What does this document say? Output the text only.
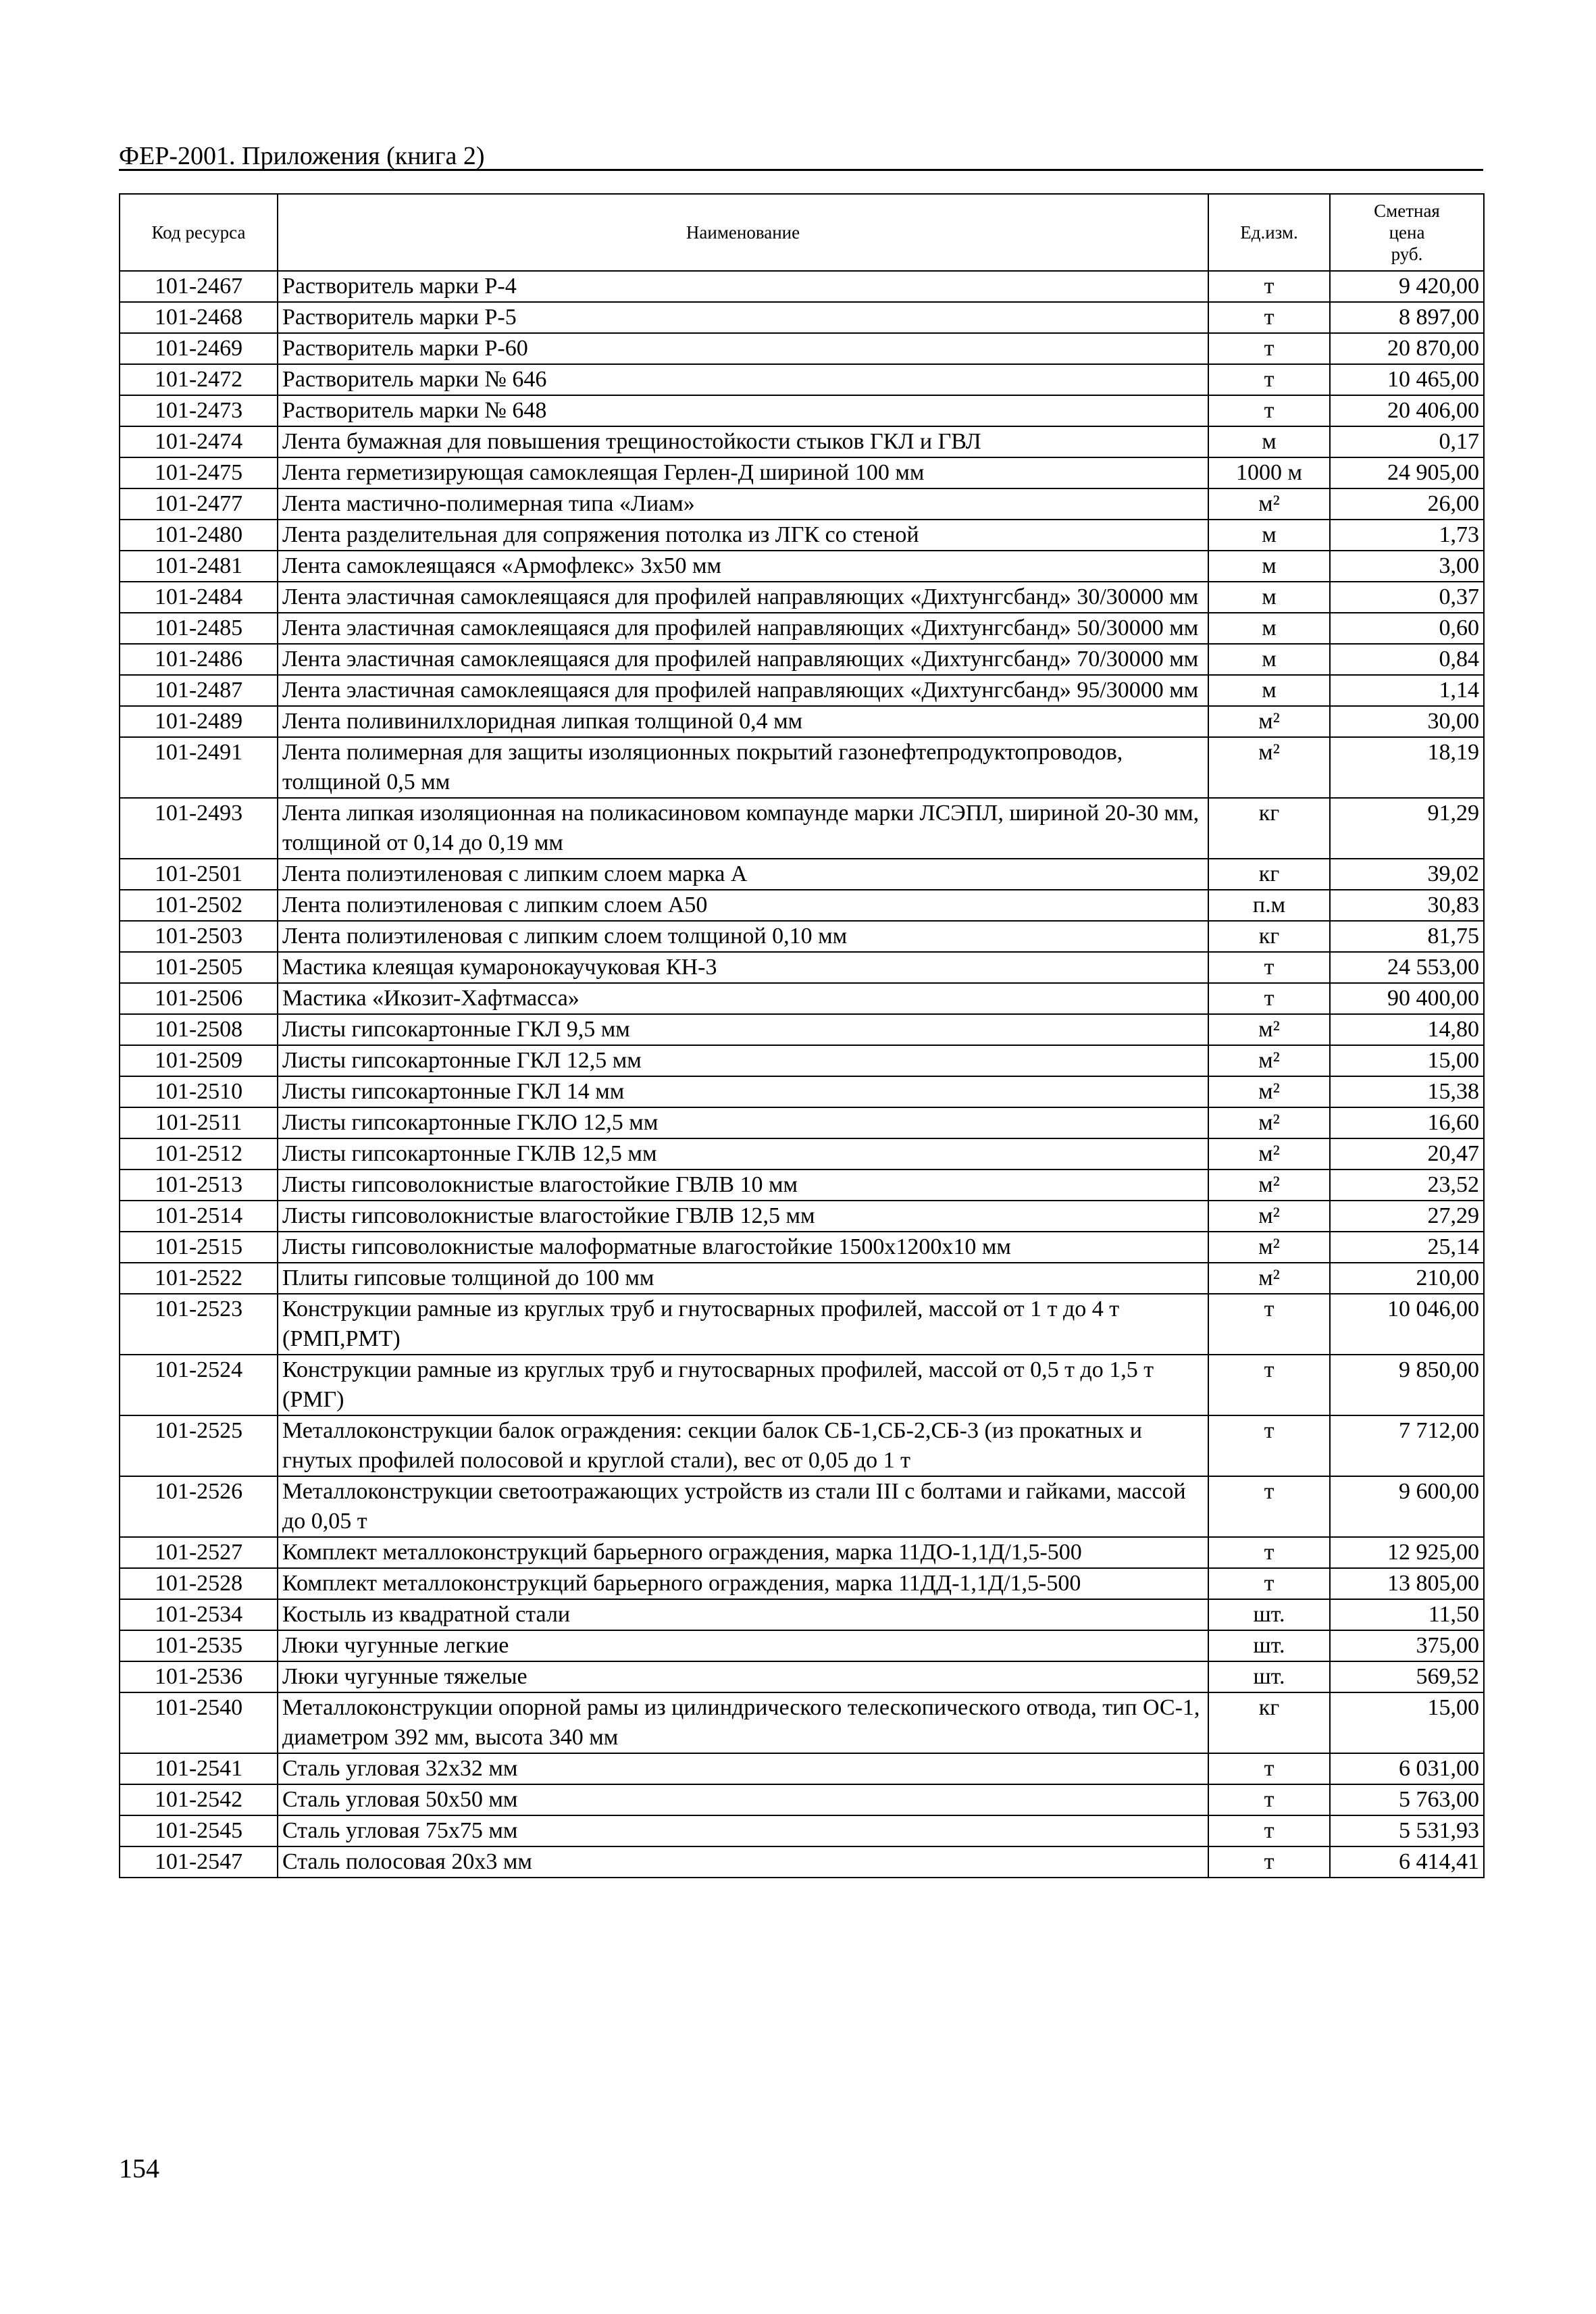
ФЕР-2001. Приложения (книга 2)
Код ресурса	Наименование	Ед.изм.	Сметная
цена
руб.

101-2467	Растворитель марки Р-4	т	9 420,00
101-2468	Растворитель марки Р-5	т	8 897,00
101-2469	Растворитель марки Р-60	т	20 870,00
101-2472	Растворитель марки № 646	т	10 465,00
101-2473	Растворитель марки № 648	т	20 406,00
101-2474	Лента бумажная для повышения трещиностойкости стыков ГКЛ и ГВЛ	м	0,17
101-2475	Лента герметизирующая самоклеящая Герлен-Д шириной 100 мм	1000 м	24 905,00
101-2477	Лента мастично-полимерная типа «Лиам»	м²	26,00
101-2480	Лента разделительная для сопряжения потолка из ЛГК со стеной	м	1,73
101-2481	Лента самоклеящаяся «Армофлекс» 3х50 мм	м	3,00
101-2484	Лента эластичная самоклеящаяся для профилей направляющих «Дихтунгсбанд» 30/30000 мм	м	0,37
101-2485	Лента эластичная самоклеящаяся для профилей направляющих «Дихтунгсбанд» 50/30000 мм	м	0,60
101-2486	Лента эластичная самоклеящаяся для профилей направляющих «Дихтунгсбанд» 70/30000 мм	м	0,84
101-2487	Лента эластичная самоклеящаяся для профилей направляющих «Дихтунгсбанд» 95/30000 мм	м	1,14
101-2489	Лента поливинилхлоридная липкая толщиной 0,4 мм	м²	30,00
101-2491	Лента полимерная для защиты изоляционных покрытий газонефтепродуктопроводов, толщиной 0,5 мм	м²	18,19
101-2493	Лента липкая изоляционная на поликасиновом компаунде марки ЛСЭПЛ, шириной 20-30 мм, толщиной от 0,14 до 0,19 мм	кг	91,29
101-2501	Лента полиэтиленовая с липким слоем марка А	кг	39,02
101-2502	Лента полиэтиленовая с липким слоем А50	п.м	30,83
101-2503	Лента полиэтиленовая с липким слоем толщиной 0,10 мм	кг	81,75
101-2505	Мастика клеящая кумаронокаучуковая КН-3	т	24 553,00
101-2506	Мастика «Икозит-Хафтмасса»	т	90 400,00
101-2508	Листы гипсокартонные ГКЛ 9,5 мм	м²	14,80
101-2509	Листы гипсокартонные ГКЛ 12,5 мм	м²	15,00
101-2510	Листы гипсокартонные ГКЛ 14 мм	м²	15,38
101-2511	Листы гипсокартонные ГКЛО 12,5 мм	м²	16,60
101-2512	Листы гипсокартонные ГКЛВ 12,5 мм	м²	20,47
101-2513	Листы гипсоволокнистые влагостойкие ГВЛВ 10 мм	м²	23,52
101-2514	Листы гипсоволокнистые влагостойкие ГВЛВ 12,5 мм	м²	27,29
101-2515	Листы гипсоволокнистые малоформатные влагостойкие 1500х1200х10 мм	м²	25,14
101-2522	Плиты гипсовые толщиной до 100 мм	м²	210,00
101-2523	Конструкции рамные из круглых труб и гнутосварных профилей, массой от 1 т до 4 т (РМП,РМТ)	т	10 046,00
101-2524	Конструкции рамные из круглых труб и гнутосварных профилей, массой от 0,5 т до 1,5 т (РМГ)	т	9 850,00
101-2525	Металлоконструкции балок ограждения: секции балок СБ-1,СБ-2,СБ-3 (из прокатных и гнутых профилей полосовой и круглой стали), вес от 0,05 до 1 т	т	7 712,00
101-2526	Металлоконструкции светоотражающих устройств из стали III с болтами и гайками, массой до 0,05 т	т	9 600,00
101-2527	Комплект металлоконструкций барьерного ограждения, марка 11ДО-1,1Д/1,5-500	т	12 925,00
101-2528	Комплект металлоконструкций барьерного ограждения, марка 11ДД-1,1Д/1,5-500	т	13 805,00
101-2534	Костыль из квадратной стали	шт.	11,50
101-2535	Люки чугунные легкие	шт.	375,00
101-2536	Люки чугунные тяжелые	шт.	569,52
101-2540	Металлоконструкции опорной рамы из цилиндрического телескопического отвода, тип ОС-1, диаметром 392 мм, высота 340 мм	кг	15,00
101-2541	Сталь угловая 32х32 мм	т	6 031,00
101-2542	Сталь угловая 50х50 мм	т	5 763,00
101-2545	Сталь угловая 75х75 мм	т	5 531,93
101-2547	Сталь полосовая 20х3 мм	т	6 414,41
154
